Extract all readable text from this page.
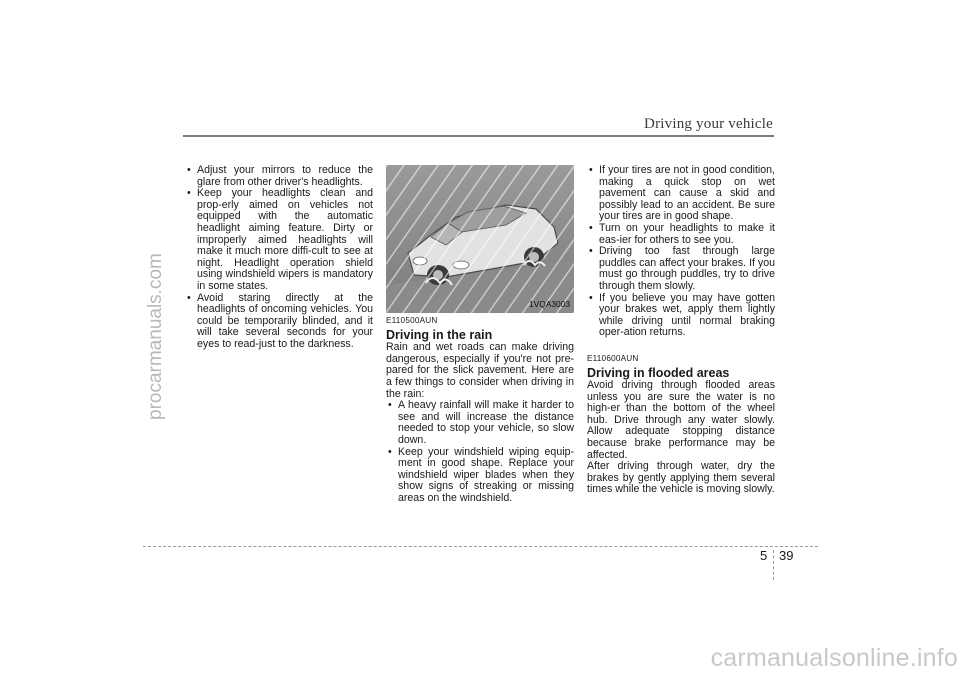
Driving your vehicle
procarmanuals.com
• Adjust your mirrors to reduce the glare from other driver's headlights.
• Keep your headlights clean and prop-erly aimed on vehicles not equipped with the automatic headlight aiming feature. Dirty or improperly aimed headlights will make it much more diffi-cult to see at night. Headlight operation shield using windshield wipers is mandatory in some states.
• Avoid staring directly at the headlights of oncoming vehicles. You could be temporarily blinded, and it will take several seconds for your eyes to read-just to the darkness.
1VQA3003
E110500AUN
Driving in the rain

Rain and wet roads can make driving dangerous, especially if you're not pre-pared for the slick pavement. Here are a few things to consider when driving in the rain:

• A heavy rainfall will make it harder to see and will increase the distance needed to stop your vehicle, so slow down.
• Keep your windshield wiping equip-ment in good shape. Replace your windshield wiper blades when they show signs of streaking or missing areas on the windshield.
• If your tires are not in good condition, making a quick stop on wet pavement can cause a skid and possibly lead to an accident. Be sure your tires are in good shape.
• Turn on your headlights to make it eas-ier for others to see you.
• Driving too fast through large puddles can affect your brakes. If you must go through puddles, try to drive through them slowly.
• If you believe you may have gotten your brakes wet, apply them lightly while driving until normal braking oper-ation returns.
E110600AUN
Driving in flooded areas

Avoid driving through flooded areas unless you are sure the water is no high-er than the bottom of the wheel hub. Drive through any water slowly. Allow adequate stopping distance because brake performance may be affected.

After driving through water, dry the brakes by gently applying them several times while the vehicle is moving slowly.

5 39
carmanualsonline.info
